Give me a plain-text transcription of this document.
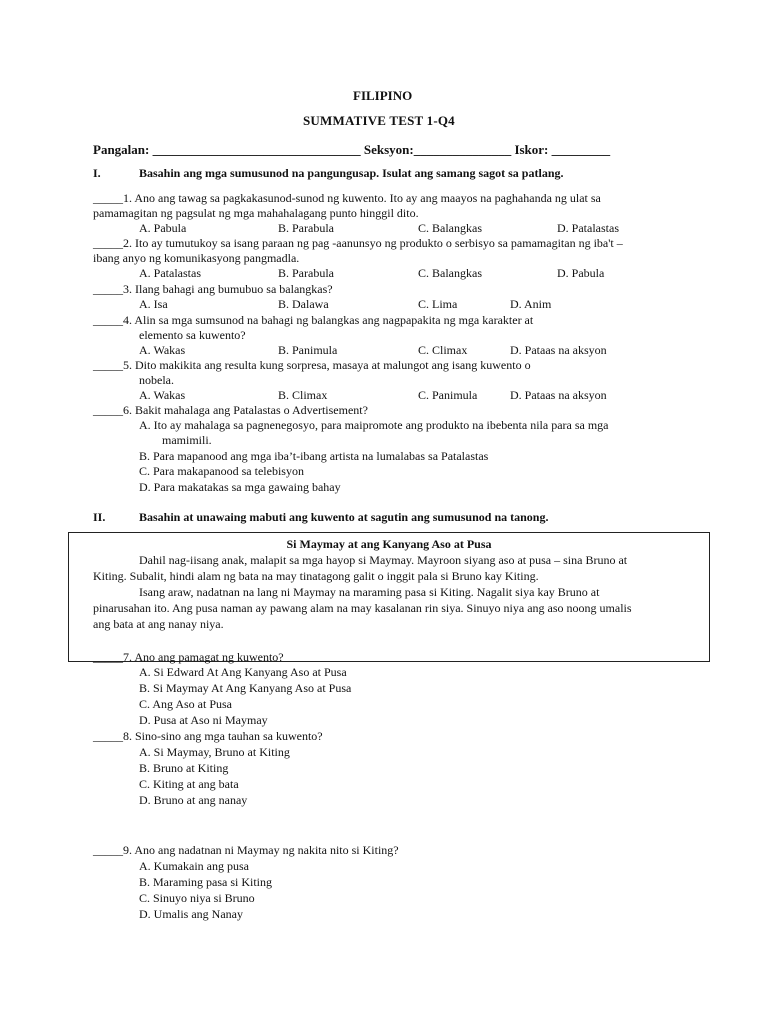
FILIPINO
SUMMATIVE TEST 1-Q4
Pangalan: ________________________________ Seksyon:_______________ Iskor: _________
I.	Basahin ang mga sumusunod na pangungusap. Isulat ang samang sagot sa patlang.
_____1. Ano ang tawag sa pagkakasunod-sunod ng kuwento. Ito ay ang maayos na paghahanda ng ulat sa
pamamagitan ng pagsulat ng mga mahahalagang punto hinggil dito.
A. Pabula	B. Parabula	C. Balangkas	D. Patalastas
_____2. Ito ay tumutukoy sa isang paraan ng pag -aanunsyo ng produkto o serbisyo sa pamamagitan ng iba't –
ibang anyo ng komunikasyong pangmadla.
A. Patalastas	B. Parabula	C. Balangkas	D. Pabula
_____3. Ilang bahagi ang bumubuo sa balangkas?
A. Isa	B. Dalawa	C. Lima	D. Anim
_____4. Alin sa mga sumsunod na bahagi ng balangkas ang nagpapakita ng mga karakter at
elemento sa kuwento?
A. Wakas	B. Panimula	C. Climax	D. Pataas na aksyon
_____5. Dito makikita ang resulta kung sorpresa, masaya at malungot ang isang kuwento o
nobela.
A. Wakas	B. Climax	C. Panimula	D. Pataas na aksyon
_____6. Bakit mahalaga ang Patalastas o Advertisement?
A. Ito ay mahalaga sa pagnenegosyo, para maipromote ang produkto na ibebenta nila para sa mga
mamimili.
B. Para mapanood ang mga iba’t-ibang artista na lumalabas sa Patalastas
C. Para makapanood sa telebisyon
D. Para makatakas sa mga gawaing bahay
II.	Basahin at unawaing mabuti ang kuwento at sagutin ang sumusunod na tanong.
Si Maymay at ang Kanyang Aso at Pusa
Dahil nag-iisang anak, malapit sa mga hayop si Maymay. Mayroon siyang aso at pusa – sina Bruno at
Kiting. Subalit, hindi alam ng bata na may tinatagong galit o inggit pala si Bruno kay Kiting.
Isang araw, nadatnan na lang ni Maymay na maraming pasa si Kiting. Nagalit siya kay Bruno at
pinarusahan ito. Ang pusa naman ay pawang alam na may kasalanan rin siya. Sinuyo niya ang aso noong umalis
ang bata at ang nanay niya.
_____7. Ano ang pamagat ng kuwento?
A. Si Edward At Ang Kanyang Aso at Pusa
B. Si Maymay At Ang Kanyang Aso at Pusa
C. Ang Aso at Pusa
D. Pusa at Aso ni Maymay
_____8. Sino-sino ang mga tauhan sa kuwento?
A. Si Maymay, Bruno at Kiting
B. Bruno at Kiting
C. Kiting at ang bata
D. Bruno at ang nanay
_____9. Ano ang nadatnan ni Maymay ng nakita nito si Kiting?
A. Kumakain ang pusa
B. Maraming pasa si Kiting
C. Sinuyo niya si Bruno
D. Umalis ang Nanay
